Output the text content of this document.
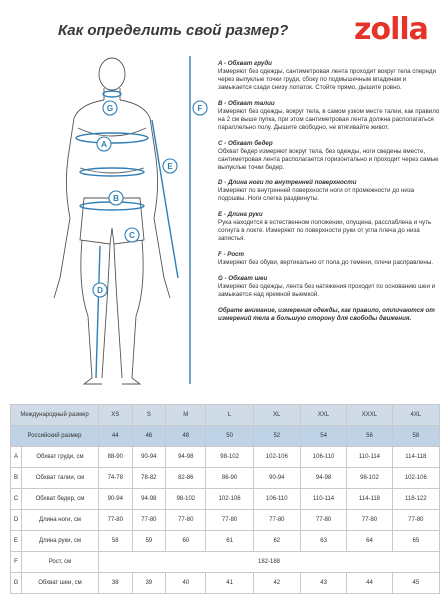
Как определить свой размер? zolla
A
B
C
D
E
F
G
A - Обхват груди
Измеряют без одежды, сантиметровая лента проходит вокруг тела спереди через выпуклые точки груди, сбоку по подмышечным впадинам и замыкается сзади снизу лопаток. Стойте прямо, дышите ровно.
B - Обхват талии
Измеряют без одежды, вокруг тела, в самом узком месте талии, как правило на 2 см выше пупка, при этом сантиметровая лента должна располагаться параллельно полу. Дышите свободно, не втягивайте живот.
C - Обхват бедер
Обхват бедер измеряют вокруг тела, без одежды, ноги сведены вместе, сантиметровая лента располагается горизонтально и проходит через самые выпуклые точки бедер.
D - Длина ноги по внутренней поверхности
Измеряют по внутренней поверхности ноги от промежности до низа подошвы. Ноги слегка раздвинуты.
E - Длина руки
Рука находится в естественном положении, опущена, расслаблена и чуть согнута в локте. Измеряют по поверхности руки от угла плеча до низа запястья.
F - Рост
Измеряют без обуви, вертикально от пола до темени, плечи расправлены.
G - Обхват шеи
Измеряют без одежды, лента без натяжения проходит по основанию шеи и замыкается над яремной выемкой.
Обрате внимание, измерения одежды, как правило, отличаются от измерений тела в большую сторону для свободы движения.
Международный размер		XS	S	M	L	XL	XXL	XXXL	4XL
Российский размер		44	46	48	50	52	54	56	58
A	Обхват груди, см	88-90	90-94	94-98	98-102	102-106	106-110	110-114	114-118
B	Обхват талии, см	74-78	78-82	82-86	86-90	90-94	94-98	98-102	102-106
C	Обхват бедер, см	90-94	94-98	98-102	102-106	106-110	110-114	114-118	118-122
D	Длина ноги, см	77-80	77-80	77-80	77-80	77-80	77-80	77-80	77-80
E	Длина руки, см	58	59	60	61	62	63	64	65
F	Рост, см	182-188							
G	Обхват шеи, см	38	39	40	41	42	43	44	45
